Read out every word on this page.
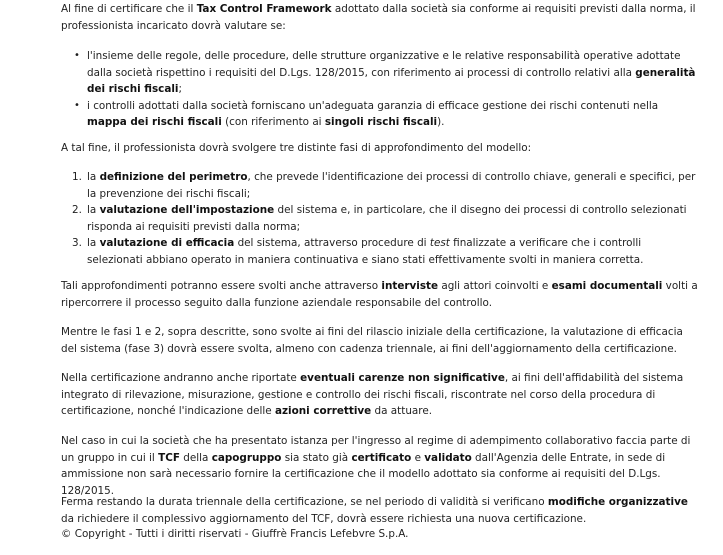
Al fine di certificare che il Tax Control Framework adottato dalla società sia conforme ai requisiti previsti dalla norma, il professionista incaricato dovrà valutare se:

• l'insieme delle regole, delle procedure, delle strutture organizzative e le relative responsabilità operative adottate dalla società rispettino i requisiti del D.Lgs. 128/2015, con riferimento ai processi di controllo relativi alla generalità dei rischi fiscali;
• i controlli adottati dalla società forniscano un'adeguata garanzia di efficace gestione dei rischi contenuti nella mappa dei rischi fiscali (con riferimento ai singoli rischi fiscali).

A tal fine, il professionista dovrà svolgere tre distinte fasi di approfondimento del modello:

1. la definizione del perimetro, che prevede l'identificazione dei processi di controllo chiave, generali e specifici, per la prevenzione dei rischi fiscali;
2. la valutazione dell'impostazione del sistema e, in particolare, che il disegno dei processi di controllo selezionati risponda ai requisiti previsti dalla norma;
3. la valutazione di efficacia del sistema, attraverso procedure di test finalizzate a verificare che i controlli selezionati abbiano operato in maniera continuativa e siano stati effettivamente svolti in maniera corretta.

Tali approfondimenti potranno essere svolti anche attraverso interviste agli attori coinvolti e esami documentali volti a ripercorrere il processo seguito dalla funzione aziendale responsabile del controllo.

Mentre le fasi 1 e 2, sopra descritte, sono svolte ai fini del rilascio iniziale della certificazione, la valutazione di efficacia del sistema (fase 3) dovrà essere svolta, almeno con cadenza triennale, ai fini dell'aggiornamento della certificazione.

Nella certificazione andranno anche riportate eventuali carenze non significative, ai fini dell'affidabilità del sistema integrato di rilevazione, misurazione, gestione e controllo dei rischi fiscali, riscontrate nel corso della procedura di certificazione, nonché l'indicazione delle azioni correttive da attuare.

Nel caso in cui la società che ha presentato istanza per l'ingresso al regime di adempimento collaborativo faccia parte di un gruppo in cui il TCF della capogruppo sia stato già certificato e validato dall'Agenzia delle Entrate, in sede di ammissione non sarà necessario fornire la certificazione che il modello adottato sia conforme ai requisiti del D.Lgs. 128/2015.

Ferma restando la durata triennale della certificazione, se nel periodo di validità si verificano modifiche organizzative da richiedere il complessivo aggiornamento del TCF, dovrà essere richiesta una nuova certificazione.

© Copyright - Tutti i diritti riservati - Giuffrè Francis Lefebvre S.p.A.
